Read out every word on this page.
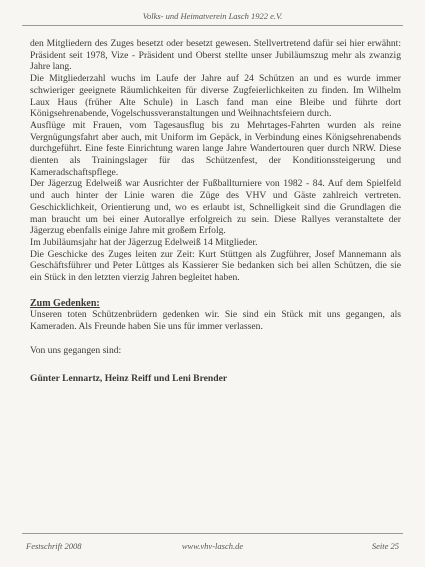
Volks- und Heimatverein Lasch 1922 e.V.

den Mitgliedern des Zuges besetzt oder besetzt gewesen. Stellvertretend dafür sei hier erwähnt: Präsident seit 1978, Vize - Präsident und Oberst stellte unser Jubiläumszug mehr als zwanzig Jahre lang.

Die Mitgliederzahl wuchs im Laufe der Jahre auf 24 Schützen an und es wurde immer schwieriger geeignete Räumlichkeiten für diverse Zugfeierlichkeiten zu finden. Im Wilhelm Laux Haus (früher Alte Schule) in Lasch fand man eine Bleibe und führte dort Königsehrenabende, Vogelschussveranstaltungen und Weihnachtsfeiern durch.

Ausflüge mit Frauen, vom Tagesausflug bis zu Mehrtages-Fahrten wurden als reine Vergnügungsfahrt aber auch, mit Uniform im Gepäck, in Verbindung eines Königsehrenabends durchgeführt. Eine feste Einrichtung waren lange Jahre Wandertouren quer durch NRW. Diese dienten als Trainingslager für das Schützenfest, der Konditionssteigerung und Kameradschaftspflege.

Der Jägerzug Edelweiß war Ausrichter der Fußballturniere von 1982 - 84. Auf dem Spielfeld und auch hinter der Linie waren die Züge des VHV und Gäste zahlreich vertreten. Geschicklichkeit, Orientierung und, wo es erlaubt ist, Schnelligkeit sind die Grundlagen die man braucht um bei einer Autorallye erfolgreich zu sein. Diese Rallyes veranstaltete der Jägerzug ebenfalls einige Jahre mit großem Erfolg.

Im Jubiläumsjahr hat der Jägerzug Edelweiß 14 Mitglieder.

Die Geschicke des Zuges leiten zur Zeit: Kurt Stüttgen als Zugführer, Josef Mannemann als Geschäftsführer und Peter Lüttges als Kassierer Sie bedanken sich bei allen Schützen, die sie ein Stück in den letzten vierzig Jahren begleitet haben.

Zum Gedenken:

Unseren toten Schützenbrüdern gedenken wir. Sie sind ein Stück mit uns gegangen, als Kameraden. Als Freunde haben Sie uns für immer verlassen.

Von uns gegangen sind:

Günter Lennartz, Heinz Reiff und Leni Brender

Festschrift 2008	www.vhv-lasch.de	Seite 25
